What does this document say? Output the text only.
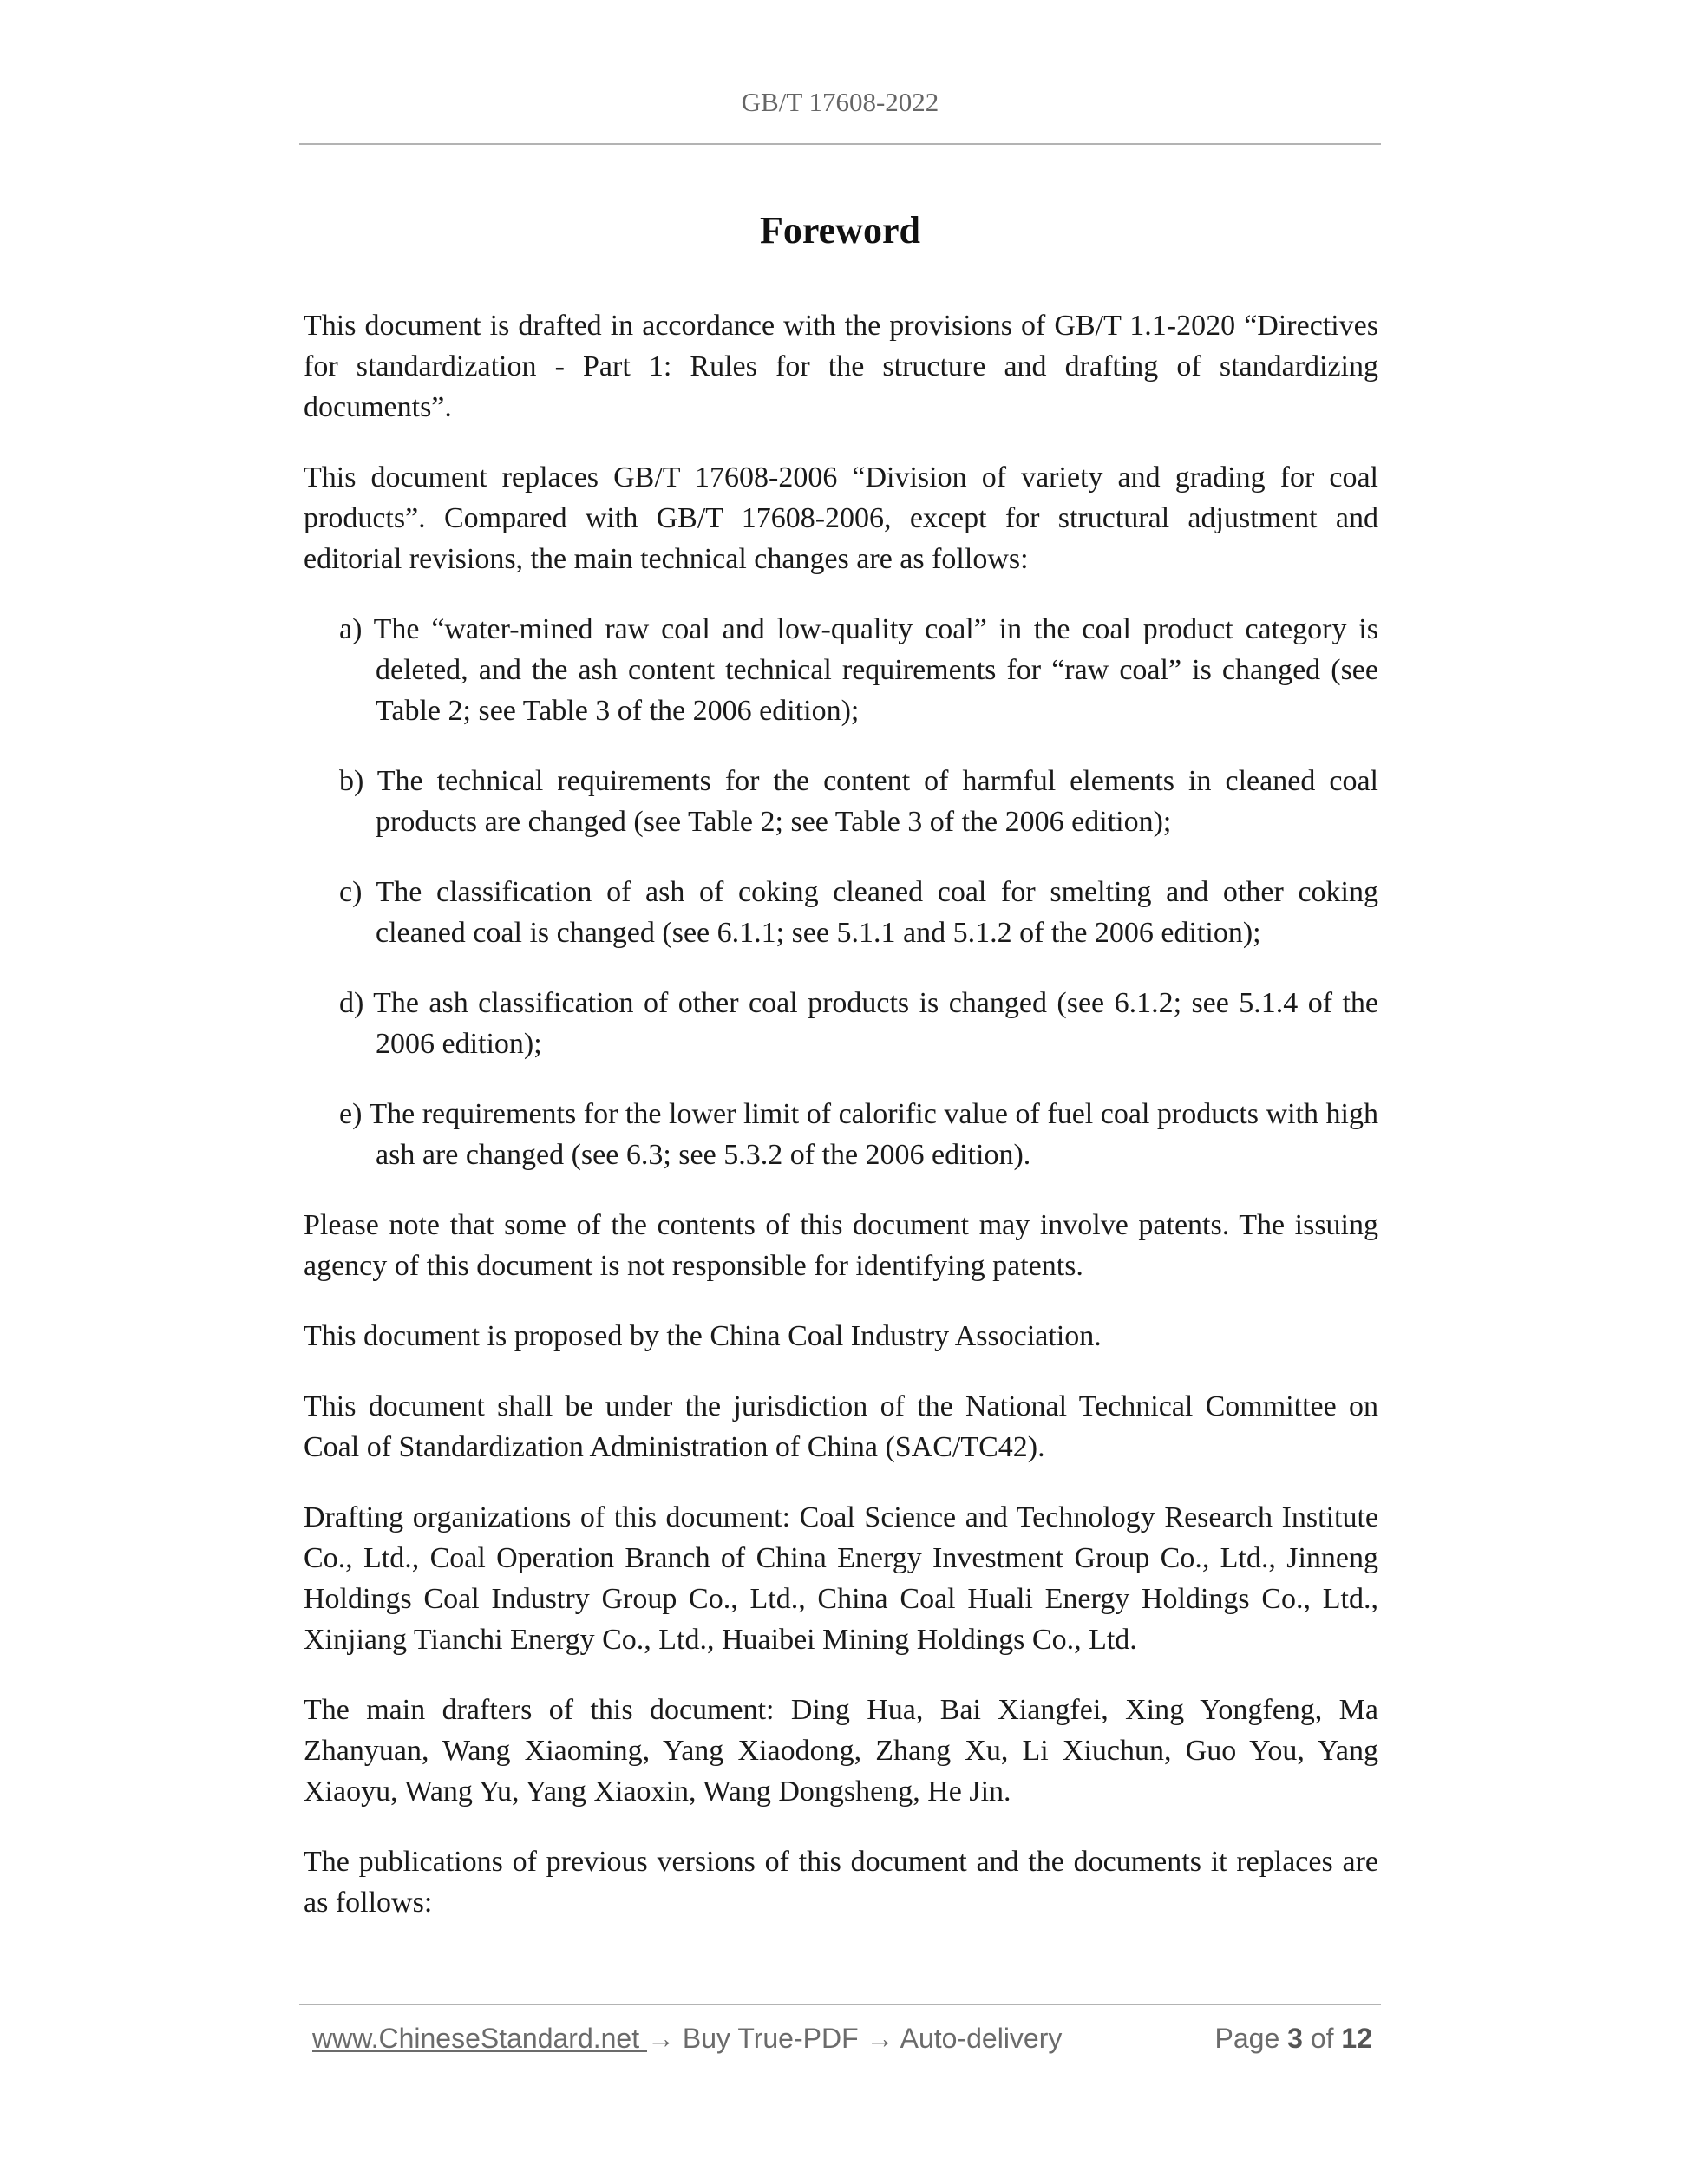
GB/T 17608-2022
Foreword

This document is drafted in accordance with the provisions of GB/T 1.1-2020 “Directives for standardization - Part 1: Rules for the structure and drafting of standardizing documents”.

This document replaces GB/T 17608-2006 “Division of variety and grading for coal products”. Compared with GB/T 17608-2006, except for structural adjustment and editorial revisions, the main technical changes are as follows:

a) The “water-mined raw coal and low-quality coal” in the coal product category is deleted, and the ash content technical requirements for “raw coal” is changed (see Table 2; see Table 3 of the 2006 edition);
b) The technical requirements for the content of harmful elements in cleaned coal products are changed (see Table 2; see Table 3 of the 2006 edition);
c) The classification of ash of coking cleaned coal for smelting and other coking cleaned coal is changed (see 6.1.1; see 5.1.1 and 5.1.2 of the 2006 edition);
d) The ash classification of other coal products is changed (see 6.1.2; see 5.1.4 of the 2006 edition);
e) The requirements for the lower limit of calorific value of fuel coal products with high ash are changed (see 6.3; see 5.3.2 of the 2006 edition).

Please note that some of the contents of this document may involve patents. The issuing agency of this document is not responsible for identifying patents.

This document is proposed by the China Coal Industry Association.

This document shall be under the jurisdiction of the National Technical Committee on Coal of Standardization Administration of China (SAC/TC42).

Drafting organizations of this document: Coal Science and Technology Research Institute Co., Ltd., Coal Operation Branch of China Energy Investment Group Co., Ltd., Jinneng Holdings Coal Industry Group Co., Ltd., China Coal Huali Energy Holdings Co., Ltd., Xinjiang Tianchi Energy Co., Ltd., Huaibei Mining Holdings Co., Ltd.

The main drafters of this document: Ding Hua, Bai Xiangfei, Xing Yongfeng, Ma Zhanyuan, Wang Xiaoming, Yang Xiaodong, Zhang Xu, Li Xiuchun, Guo You, Yang Xiaoyu, Wang Yu, Yang Xiaoxin, Wang Dongsheng, He Jin.

The publications of previous versions of this document and the documents it replaces are as follows:

www.ChineseStandard.net → Buy True-PDF → Auto-delivery	Page 3 of 12
